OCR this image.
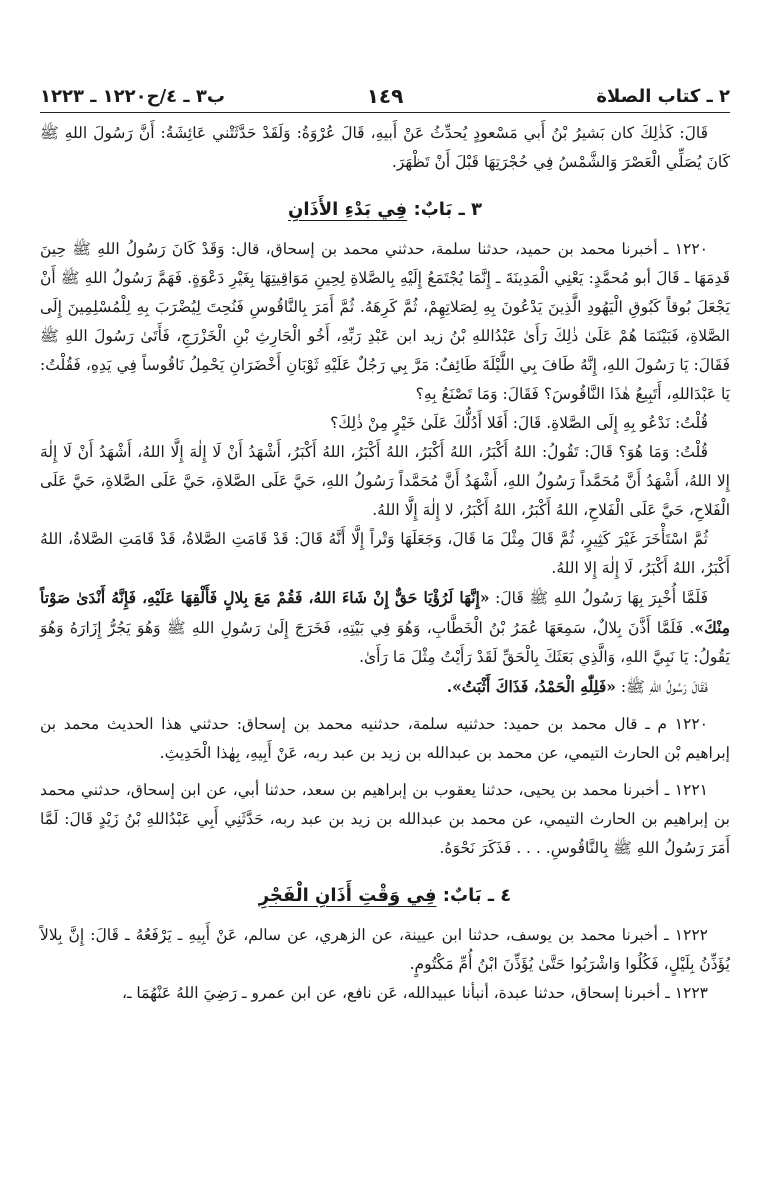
٢ ـ كتاب الصلاة
١٤٩
ب٣ ـ ٤/ح١٢٢٠ ـ ١٢٢٣

قَالَ: كَذٰلِكَ كان بَشيرُ بْنُ أَبي مَسْعودٍ يُحدِّثُ عَنْ أَبيهِ، قَالَ عُرْوَةُ: وَلَقَدْ حَدَّثَتْني عَائِشَةُ: أَنَّ رَسُولَ اللهِ ﷺ كَانَ يُصَلِّي الْعَصْرَ وَالشَّمْسُ فِي حُجْرَتِهَا قَبْلَ أَنْ تَظْهَرَ.

٣ ـ بَابٌ: فِي بَدْءِ الأَذَانِ

١٢٢٠ ـ أخبرنا محمد بن حميد، حدثنا سلمة، حدثني محمد بن إسحاق، قال: وَقَدْ كَانَ رَسُولُ اللهِ ﷺ حِينَ قَدِمَهَا ـ قَالَ أبو مُحمَّدٍ: يَعْنِي الْمَدِينَةَ ـ إِنَّمَا يُجْتَمَعُ إِلَيْهِ بِالصَّلاةِ لِحِينِ مَوَاقِيتِهَا بِغَيْرِ دَعْوَةٍ. فَهَمَّ رَسُولُ اللهِ ﷺ أَنْ يَجْعَلَ بُوقاً كَبُوقِ الْيَهُودِ الَّذِينَ يَدْعُونَ بِهِ لِصَلاتِهِمْ، ثُمَّ كَرِهَهُ. ثُمَّ أَمَرَ بِالنَّاقُوسِ فَنُحِتَ لِيُضْرَبَ بِهِ لِلْمُسْلِمِينَ إِلَى الصَّلاةِ، فَبَيْنَمَا هُمْ عَلَىٰ ذٰلِكَ رَأَىٰ عَبْدُاللهِ بْنُ زيد ابن عَبْدِ رَبِّهِ، أَخُو الْحَارِثِ بْنِ الْخَزْرَجِ، فَأَتَىٰ رَسُولَ اللهِ ﷺ فَقَالَ: يَا رَسُولَ اللهِ، إِنَّهُ طَافَ بِي اللَّيْلَةَ طَائِفٌ: مَرَّ بِي رَجُلٌ عَلَيْهِ ثَوْبَانِ أَخْضَرَانِ يَحْمِلُ نَاقُوساً فِي يَدِهِ، فَقُلْتُ: يَا عَبْدَاللهِ، أَتَبِيعُ هٰذَا النَّاقُوسَ؟ فَقَالَ: وَمَا تَصْنَعُ بِهِ؟

قُلْتُ: نَدْعُو بِهِ إِلَى الصَّلاةِ. قَالَ: أَفَلا أَدُلُّكَ عَلَىٰ خَيْرٍ مِنْ ذٰلِكَ؟

قُلْتُ: وَمَا هُوَ؟ قَالَ: تَقُولُ: اللهُ أَكْبَرُ، اللهُ أَكْبَرُ، اللهُ أَكْبَرُ، اللهُ أَكْبَرُ، أَشْهَدُ أَنْ لَا إِلٰهَ إِلَّا اللهُ، أَشْهَدُ أَنْ لَا إِلٰهَ إِلا اللهُ، أَشْهَدُ أَنَّ مُحَمَّداً رَسُولُ اللهِ، أَشْهَدُ أَنَّ مُحَمَّداً رَسُولُ اللهِ، حَيَّ عَلَى الصَّلاةِ، حَيَّ عَلَى الصَّلاةِ، حَيَّ عَلَى الْفَلاحِ، حَيَّ عَلَى الْفَلاحِ، اللهُ أَكْبَرُ، اللهُ أَكْبَرُ، لا إِلٰهَ إِلَّا اللهُ.

ثُمَّ اسْتَأْخَرَ غَيْرَ كَثِيرٍ، ثُمَّ قَالَ مِثْلَ مَا قَالَ، وَجَعَلَهَا وَتْراً إِلَّا أَنَّهُ قَالَ: قَدْ قَامَتِ الصَّلاةُ، قَدْ قَامَتِ الصَّلاةُ، اللهُ أَكْبَرُ، اللهُ أَكْبَرُ، لَا إِلٰهَ إِلا اللهُ.

فَلَمَّا أُخْبِرَ بِهَا رَسُولُ اللهِ ﷺ قَالَ: «إِنَّهَا لَرُؤْيَا حَقٌّ إِنْ شَاءَ اللهُ، فَقُمْ مَعَ بِلالٍ فَأَلْقِهَا عَلَيْهِ، فَإِنَّهُ أَنْدَىٰ صَوْتاً مِنْكَ». فَلَمَّا أَذَّنَ بِلالٌ، سَمِعَهَا عُمَرُ بْنُ الْخَطَّابِ، وَهُوَ فِي بَيْتِهِ، فَخَرَجَ إِلَىٰ رَسُولِ اللهِ ﷺ وَهُوَ يَجُرُّ إِزَارَهُ وَهُوَ يَقُولُ: يَا نَبِيَّ اللهِ، وَالَّذِي بَعَثَكَ بِالْحَقِّ لَقَدْ رَأَيْتُ مِثْلَ مَا رَأَىٰ.

فَقَالَ رَسُولُ اللهِ ﷺ: «فَلِلّٰهِ الْحَمْدُ، فَذَاكَ أَثْبَتُ».

١٢٢٠ م ـ قال محمد بن حميد: حدثنيه سلمة، حدثنيه محمد بن إسحاق: حدثني هذا الحديث محمد بن إبراهيم بْن الحارث التيمي، عن محمد بن عبدالله بن زيد بن عبد ربه، عَنْ أَبِيهِ، بِهٰذا الْحَدِيثِ.

١٢٢١ ـ أخبرنا محمد بن يحيى، حدثنا يعقوب بن إبراهيم بن سعد، حدثنا أبي، عن ابن إسحاق، حدثني محمد بن إبراهيم بن الحارث التيمي، عن محمد بن عبدالله بن زيد بن عبد ربه، حَدَّثَنِي أَبِي عَبْدُاللهِ بْنُ زَيْدٍ قَالَ: لَمَّا أَمَرَ رَسُولُ اللهِ ﷺ بِالنَّاقُوسِ. . . . فَذَكَرَ نَحْوَهُ.

٤ ـ بَابٌ: فِي وَقْتِ أَذَانِ الْفَجْرِ

١٢٢٢ ـ أخبرنا محمد بن يوسف، حدثنا ابن عيينة، عن الزهري، عن سالم، عَنْ أَبِيهِ ـ يَرْفَعُهُ ـ قَالَ: إِنَّ بِلالاً يُؤَذِّنُ بِلَيْلٍ، فَكُلُوا وَاشْرَبُوا حَتَّىٰ يُؤَذِّنَ ابْنُ أُمِّ مَكْتُومٍ.

١٢٢٣ ـ أخبرنا إسحاق، حدثنا عبدة، أنبأنا عبيدالله، عَن نافع، عن ابن عمرو ـ رَضِيَ اللهُ عَنْهُمَا ـ،
